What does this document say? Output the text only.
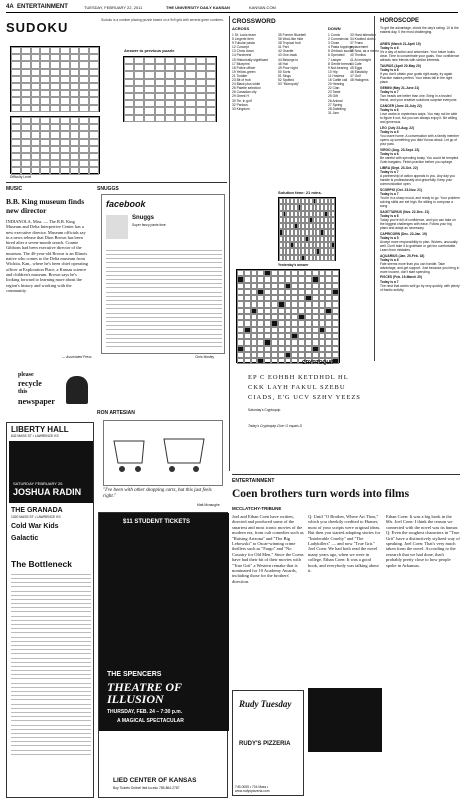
4A ENTERTAINMENT	TUESDAY, FEBRUARY 22, 2011	THE UNIVERSITY DAILY KANSAN	KANSAN.COM
SUDOKU	Sudoku is a number placing puzzle based on a 9x9 grid with several given numbers.
Difficulty Level
Answer to previous puzzle
CROSSWORD
ACROSS	DOWN
1 St. Louis team
5 Lingerie item
9 Tubular pasta
12 Concept
13 Chow down
14 Parcheesi
15 Historically significant
17 Blueprint
18 Police officer
19 Yellow-green
21 Toddler
23 Bit of fruit
24 Black plus white
25 Palette selection
26 Canadian city
29 Greek H
30 Tie, in golf
32 Parlous
33 Kingdom
35 Former Bluebell
36 Wool-like hide
38 Tropical fruit
41 Part
42 Granite
43 One-track
44 Belongs to
46 Hat
49 Poor night
50 Sorts
51 Sings
52 Spotted
53 "Monopoly"
1 Comic
2 Commercial
3 Close
4 Pasta toppings
5 Gridlock sound
6 Operated
7 Lawyer
8 Gentle breeze
9 Nut-bearing
10 Hip
11 Hostess
16 Cattle call
20 Hearing
22 Clan
23 Taste
25 Gift
26 Animal
27 Spring
28 Dabbling
31 Jam
33 Hard alteration
34 Knotted cloths
37 Franc replacement
39 Now, as a memo
40 Tinnitus
41 At midnight
44 Cafe
45 Eggs
46 Elasticity
47 Gulf
48 Halogens
Solution time: 21 mins.
Yesterday's answer
HOROSCOPE
To get the advantage, check the day's rating: 10 is the easiest day, 0 the most challenging.
ARIES (March 21-April 19)
Today is a 6
It's a day of action and adventure. Your future looks clear. Time to concentrate your goals. Your confidence attracts new friends with similar interests.
TAURUS (April 20-May 20)
Today is a 6
If you don't obtain your goals right away, try again. Practice makes perfect. Your ideas fall in the right place.
GEMINI (May 21-June 21)
Today is a 7
Two heads are better than one. Bring in a trusted friend, and your creative solutions surprise everyone.
CANCER (June 22-July 22)
Today is a 6
Love works in mysterious ways. You may not be able to figure it out, but you can always enjoy it. Be willing and generous.
LEO (July 23-Aug. 22)
Today is a 6
You crave home. A conversation with a family member opens up something you didn't know about. Let go of your past.
VIRGO (Aug. 23-Sept. 22)
Today is a 6
Be careful with spending today. You could be tempted. Grab bargains. Finish practice before you splurge.
LIBRA (Sept. 23-Oct. 22)
Today is a 7
A partnership of action appeals to you. Any day you handle is professionally and gracefully. Keep your communication open.
SCORPIO (Oct. 23-Nov. 21)
Today is a 7
You're in a sharp mood, and ready to go. Your problem solving skills are set high. Be willing to compose a song.
SAGITTARIUS (Nov. 22-Dec. 21)
Today is a 6
Today you're full of confidence, and you can take on the biggest challenges with ease. Follow your big plans and adapt as necessary.
CAPRICORN (Dec. 22-Jan. 19)
Today is a 5
Accept more responsibility to plan. Wolves, unusually well. Don't take it to gratitude or get too comfortable. Learn from mistakes.
AQUARIUS (Jan. 20-Feb. 18)
Today is a 6
Fate seems more than you can handle. Take advantage, and get support. Just because you bring in more income, don't start spending.
PISCES (Feb. 19-March 20)
Today is a 7
The nest that works well go by very quickly, with plenty of frantic activity.
CRYPTOQUIP
EP C EOHBH KETDHDL HL
CKK LAYH FAKUL SZEBU
CIADS, E'G UCV SZHV YEEZS
Saturday's Cryptoquip
Today's Cryptoquip Clue: O equals D
MUSIC
B.B. King museum finds new director
INDIANOLA, Miss. — The B.B. King Museum and Delta Interpretive Center has a new executive director. Museum officials say in a news release that Dion Brown has been hired after a seven-month search. Connie Gibbons had been executive director of the museum. The 46-year-old Brown is an Illinois native who comes to the Delta museum from Wichita, Kan., where he's been chief operating officer at Exploration Place, a Kansas science and children's museum. Brown says he's looking forward to learning more about the region's history and working with the community.
— Associated Press
SNUGGS
facebook
Snuggs
Super fancy pants time
Chris Mosley
please
recycle
this
newspaper
RON ARTESIAN
"I've been with other shopping carts, but this just feels right."
Matt Mcnaughe
LIBERTY HALL
642 MASS ST • LAWRENCE KS
SATURDAY FEBRUARY 26
JOSHUA RADIN
THE GRANADA
1020 MASS ST • LAWRENCE KS
Cold War Kids
Galactic
The Bottleneck
$11 STUDENT TICKETS
THE SPENCERS
THEATRE OF ILLUSION
THURSDAY, FEB. 24 – 7:30 p.m.
A MAGICAL SPECTACULAR
LIED CENTER OF KANSAS
Buy Tickets Online! lied.ku.edu 785-864-2787
ENTERTAINMENT
Coen brothers turn words into films
MCCLATCHY-TRIBUNE
Joel and Ethan Coen have written, directed and produced some of the smartest and most iconic movies of the modern era, from cult comedies such as "Raising Arizona" and "The Big Lebowski" to Oscar-winning crime thrillers such as "Fargo" and "No Country for Old Men." Since the Coens have had their bit of their movies with "True Grit" a Western remake that is nominated for 10 Academy Awards, including those for the brothers' direction.
Q: Until "O Brother, Where Art Thou," which you cheekily credited to Homer, most of your scripts were original ideas. But then you started adapting stories for "Intolerable Cruelty" and "The Ladykillers" — and now "True Grit." Joel Coen: We had both read the novel many years ago, when we were in college. Ethan Coen: It was a good book, and everybody was talking about it.
Ethan Coen: It was a big book in the 60s. Joel Coen: I think the reason we connected with the novel was its humor. Q: Even the roughest characters in "True Grit" have a distinctively stylized way of speaking. Joel Coen: That's very much taken from the novel. According to the research that we had done, that's probably pretty close to how people spoke in Arkansas.
Rudy Tuesday
RUDY'S PIZZERIA
749-0055 • 704 Mass • www.rudyspizzeria.com
